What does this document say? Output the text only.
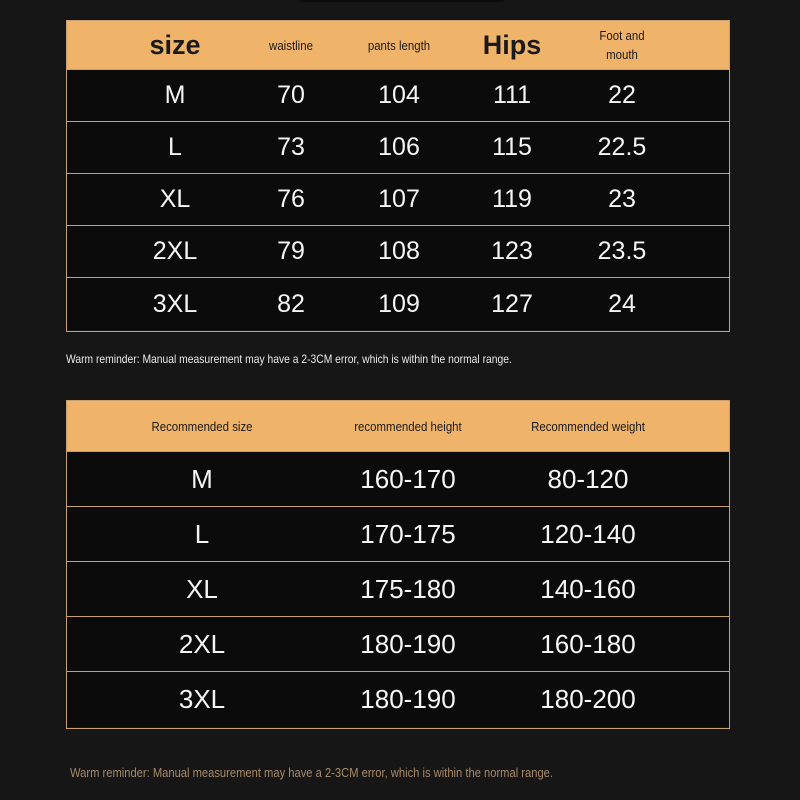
size	waistline	pants length	Hips	Foot and
mouth
M	70	104	111	22
L	73	106	115	22.5
XL	76	107	119	23
2XL	79	108	123	23.5
3XL	82	109	127	24
Warm reminder: Manual measurement may have a 2-3CM error, which is within the normal range.
Recommended size	recommended height	Recommended weight
M	160-170	80-120
L	170-175	120-140
XL	175-180	140-160
2XL	180-190	160-180
3XL	180-190	180-200
Warm reminder: Manual measurement may have a 2-3CM error, which is within the normal range.
